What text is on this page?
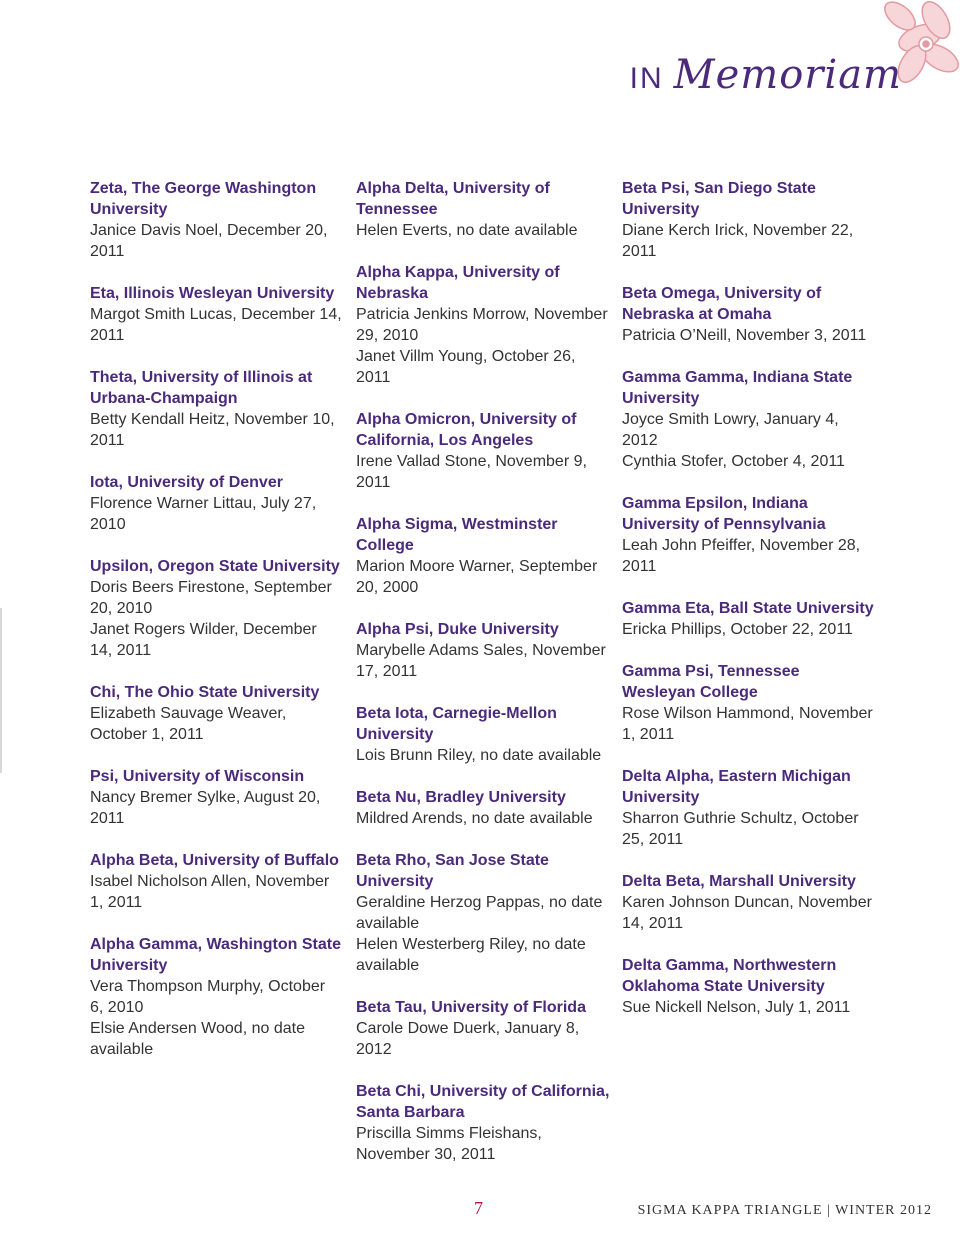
IN Memoriam
Zeta, The George Washington University
Janice Davis Noel, December 20, 2011
Eta, Illinois Wesleyan University
Margot Smith Lucas, December 14, 2011
Theta, University of Illinois at Urbana-Champaign
Betty Kendall Heitz, November 10, 2011
Iota, University of Denver
Florence Warner Littau, July 27, 2010
Upsilon, Oregon State University
Doris Beers Firestone, September 20, 2010
Janet Rogers Wilder, December 14, 2011
Chi, The Ohio State University
Elizabeth Sauvage Weaver, October 1, 2011
Psi, University of Wisconsin
Nancy Bremer Sylke, August 20, 2011
Alpha Beta, University of Buffalo
Isabel Nicholson Allen, November 1, 2011
Alpha Gamma, Washington State University
Vera Thompson Murphy, October 6, 2010
Elsie Andersen Wood, no date available
Alpha Delta, University of Tennessee
Helen Everts, no date available
Alpha Kappa, University of Nebraska
Patricia Jenkins Morrow, November 29, 2010
Janet Villm Young, October 26, 2011
Alpha Omicron, University of California, Los Angeles
Irene Vallad Stone, November 9, 2011
Alpha Sigma, Westminster College
Marion Moore Warner, September 20, 2000
Alpha Psi, Duke University
Marybelle Adams Sales, November 17, 2011
Beta Iota, Carnegie-Mellon University
Lois Brunn Riley, no date available
Beta Nu, Bradley University
Mildred Arends, no date available
Beta Rho, San Jose State University
Geraldine Herzog Pappas, no date available
Helen Westerberg Riley, no date available
Beta Tau, University of Florida
Carole Dowe Duerk, January 8, 2012
Beta Chi, University of California, Santa Barbara
Priscilla Simms Fleishans, November 30, 2011
Beta Psi, San Diego State University
Diane Kerch Irick, November 22, 2011
Beta Omega, University of Nebraska at Omaha
Patricia O’Neill, November 3, 2011
Gamma Gamma, Indiana State University
Joyce Smith Lowry, January 4, 2012
Cynthia Stofer, October 4, 2011
Gamma Epsilon, Indiana University of Pennsylvania
Leah John Pfeiffer, November 28, 2011
Gamma Eta, Ball State University
Ericka Phillips, October 22, 2011
Gamma Psi, Tennessee Wesleyan College
Rose Wilson Hammond, November 1, 2011
Delta Alpha, Eastern Michigan University
Sharron Guthrie Schultz, October 25, 2011
Delta Beta, Marshall University
Karen Johnson Duncan, November 14, 2011
Delta Gamma, Northwestern Oklahoma State University
Sue Nickell Nelson, July 1, 2011
7	SIGMA KAPPA TRIANGLE | WINTER 2012
